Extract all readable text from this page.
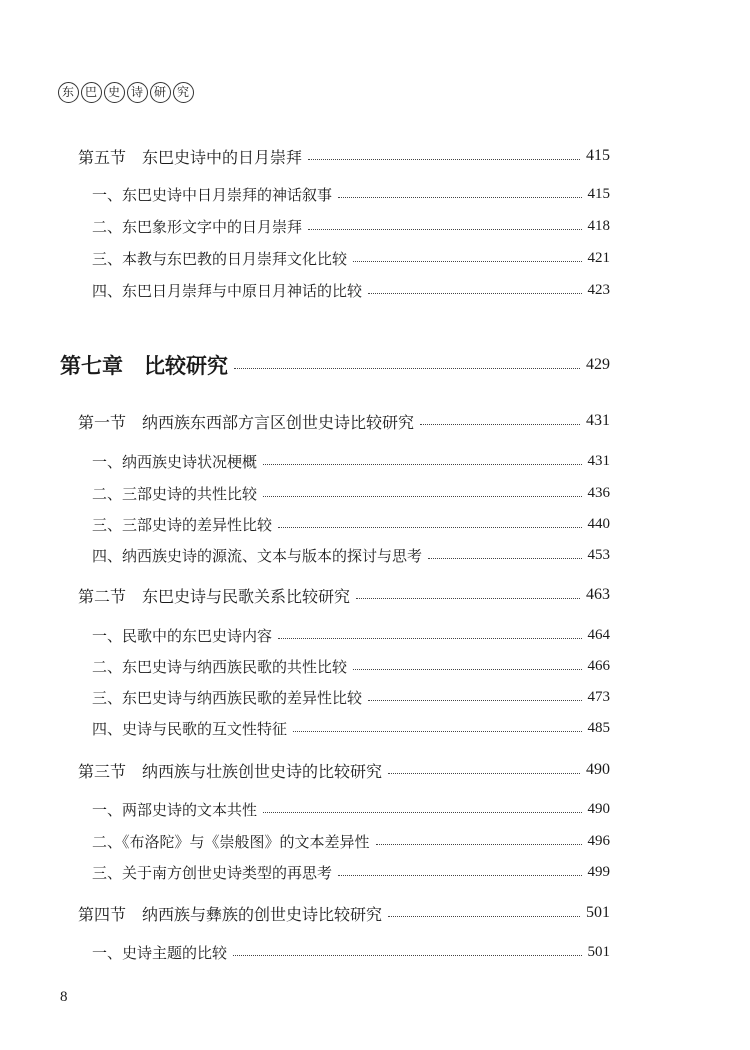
东 巴 史 诗 研 究
第五节　东巴史诗中的日月崇拜	415
一、东巴史诗中日月崇拜的神话叙事	415
二、东巴象形文字中的日月崇拜	418
三、本教与东巴教的日月崇拜文化比较	421
四、东巴日月崇拜与中原日月神话的比较	423
第七章　比较研究	429
第一节　纳西族东西部方言区创世史诗比较研究	431
一、纳西族史诗状况梗概	431
二、三部史诗的共性比较	436
三、三部史诗的差异性比较	440
四、纳西族史诗的源流、文本与版本的探讨与思考	453
第二节　东巴史诗与民歌关系比较研究	463
一、民歌中的东巴史诗内容	464
二、东巴史诗与纳西族民歌的共性比较	466
三、东巴史诗与纳西族民歌的差异性比较	473
四、史诗与民歌的互文性特征	485
第三节　纳西族与壮族创世史诗的比较研究	490
一、两部史诗的文本共性	490
二、《布洛陀》与《崇般图》的文本差异性	496
三、关于南方创世史诗类型的再思考	499
第四节　纳西族与彝族的创世史诗比较研究	501
一、史诗主题的比较	501
8
